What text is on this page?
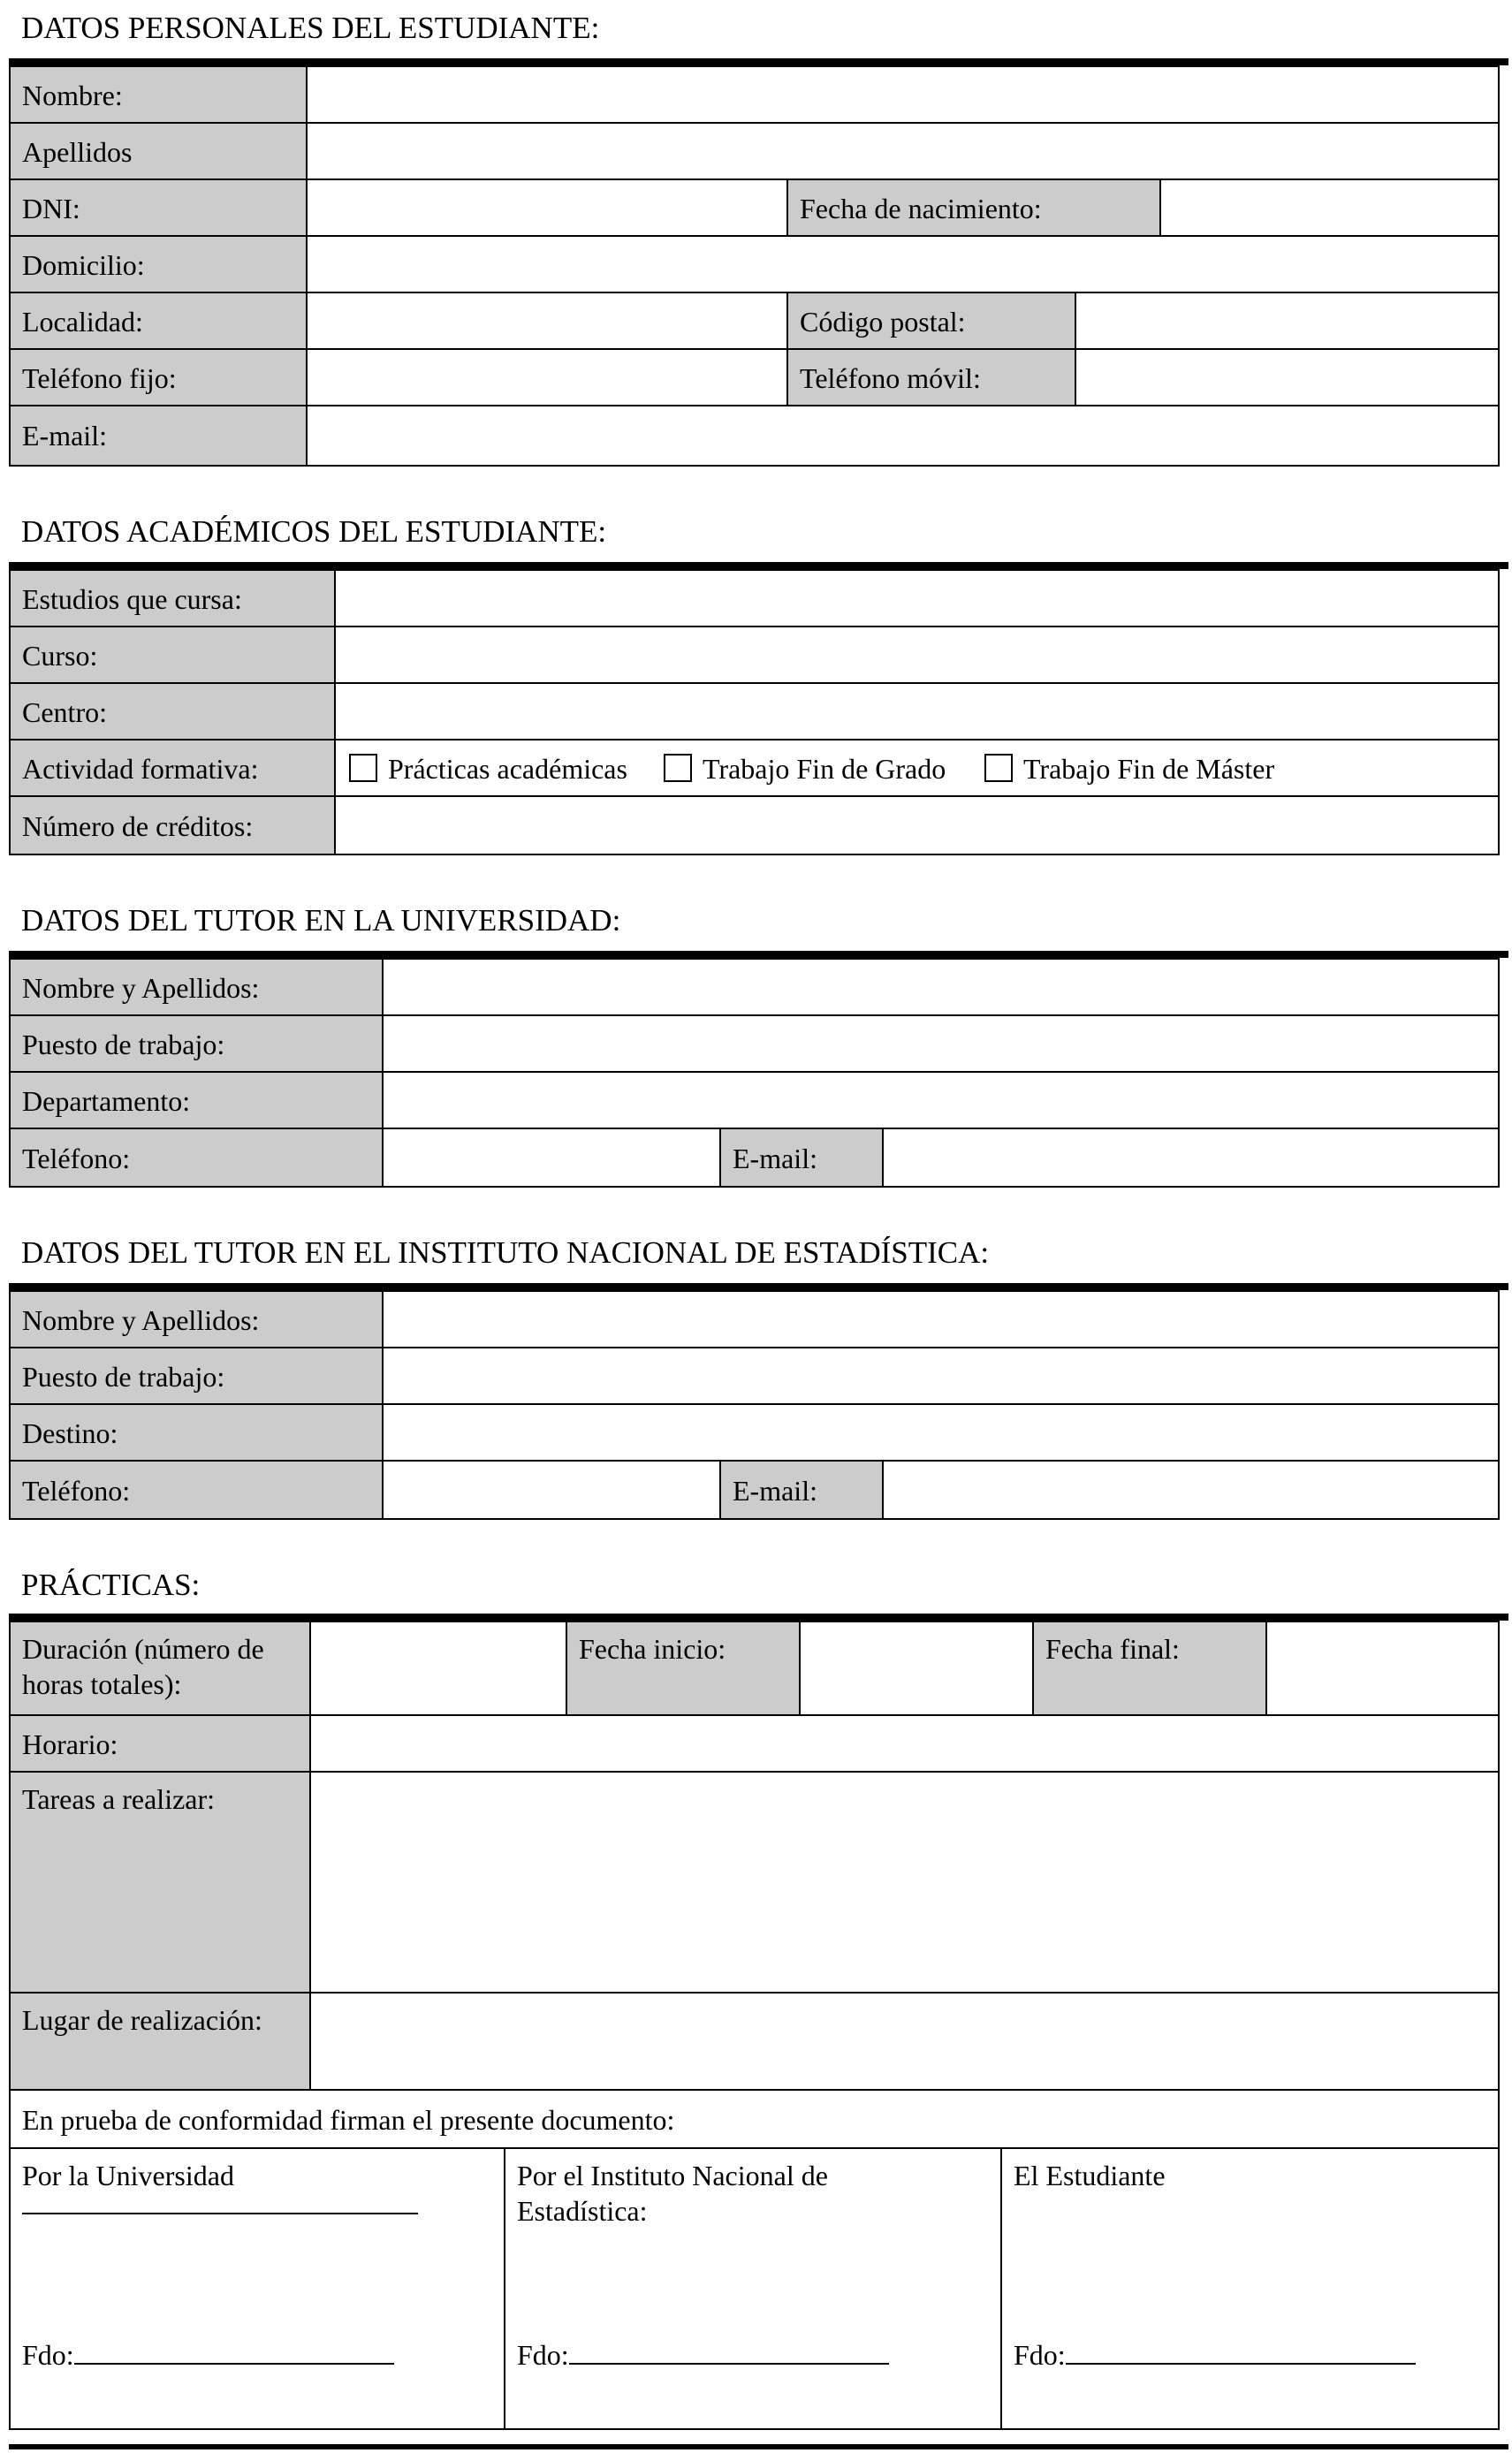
DATOS PERSONALES DEL ESTUDIANTE:
Nombre:
Apellidos
DNI:	Fecha de nacimiento:
Domicilio:
Localidad:	Código postal:
Teléfono fijo:	Teléfono móvil:
E-mail:
DATOS ACADÉMICOS DEL ESTUDIANTE:
Estudios que cursa:
Curso:
Centro:
Actividad formativa:	Prácticas académicas	Trabajo Fin de Grado	Trabajo Fin de Máster
Número de créditos:
DATOS DEL TUTOR EN LA UNIVERSIDAD:
Nombre y Apellidos:
Puesto de trabajo:
Departamento:
Teléfono:	E-mail:
DATOS DEL TUTOR EN EL INSTITUTO NACIONAL DE ESTADÍSTICA:
Nombre y Apellidos:
Puesto de trabajo:
Destino:
Teléfono:	E-mail:
PRÁCTICAS:
Duración (número de
horas totales):
Fecha inicio:	Fecha final:
Horario:
Tareas a realizar:
Lugar de realización:
En prueba de conformidad firman el presente documento:
Por la Universidad
Fdo:
Por el Instituto Nacional de
Estadística:
Fdo:
El Estudiante
Fdo:
